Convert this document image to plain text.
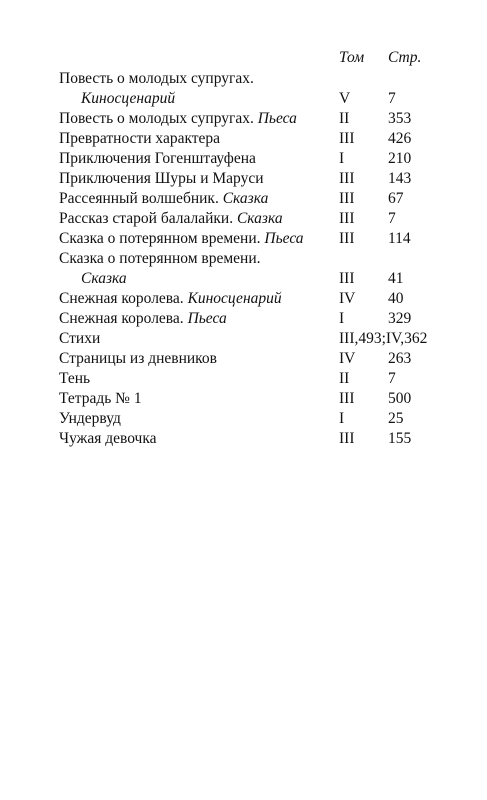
Том Стр.
Повесть о молодых супругах.
Киносценарий	V 7
Повесть о молодых супругах. Пьеса	II 353
Превратности характера	III 426
Приключения Гогенштауфена	I	210
Приключения Шуры и Маруси	III 143
Рассеянный волшебник. Сказка	III 67
Рассказ старой балалайки. Сказка	III 7
Сказка о потерянном времени. Пьеса III 114
Сказка о потерянном времени.
Сказка	III 41
Снежная королева. Киносценарий	IV 40
Снежная королева. Пьеса	I	329
Стихи	III,493;IV,362
Страницы из дневников	IV 263
Тень	II 7
Тетрадь № 1	III 500
Ундервуд	I	25
Чужая девочка	III 155
